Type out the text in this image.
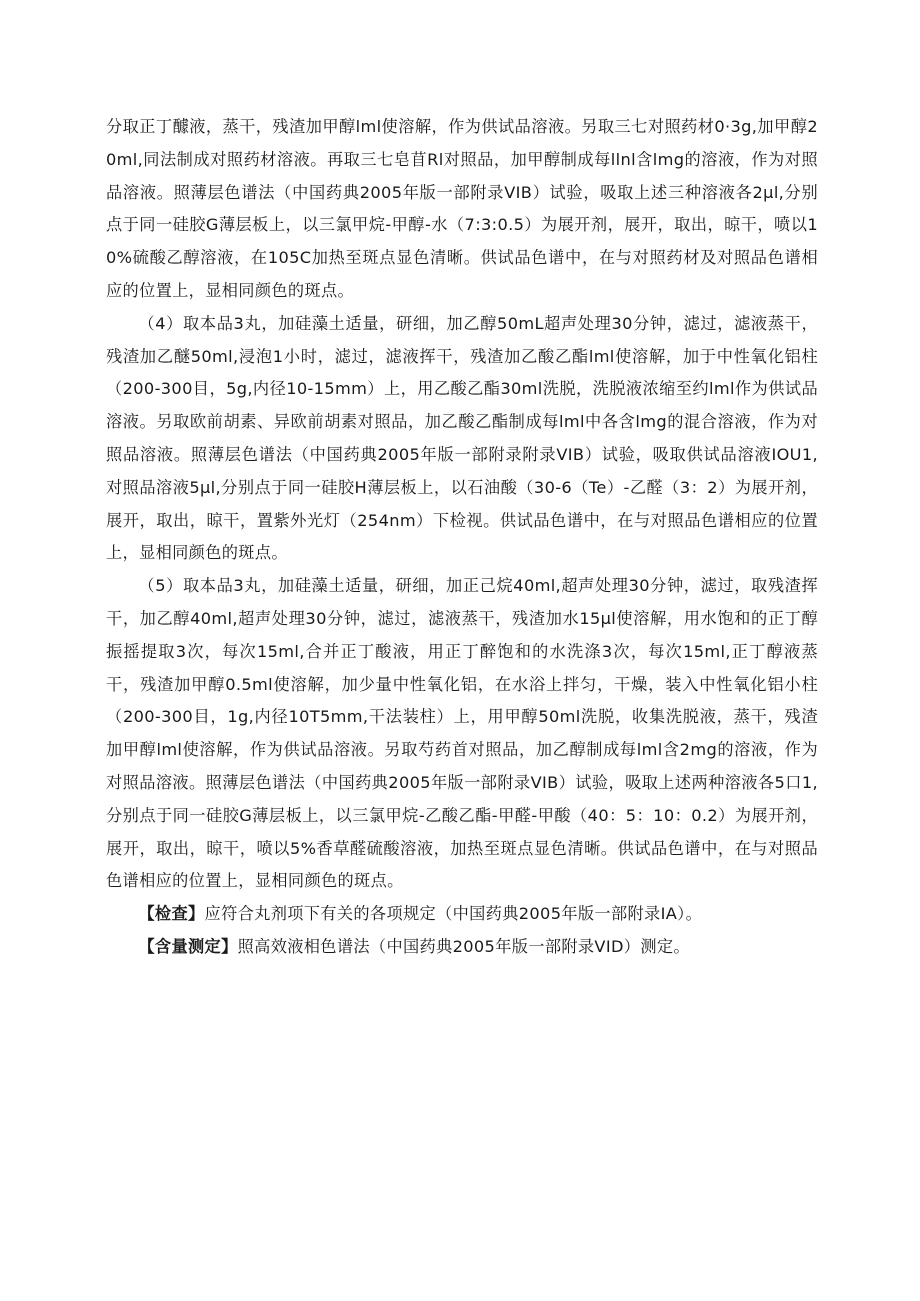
分取正丁醵液，蒸干，残渣加甲醇lml使溶解，作为供试品溶液。另取三七对照药材0·3g,加甲醇20ml,同法制成对照药材溶液。再取三七皂苜Rl对照品，加甲醇制成每llnl含lmg的溶液，作为对照品溶液。照薄层色谱法（中国药典2005年版一部附录VIB）试验，吸取上述三种溶液各2μl,分别点于同一硅胶G薄层板上，以三氯甲烷-甲醇-水（7:3:0.5）为展开剂，展开，取出，晾干，喷以10%硫酸乙醇溶液，在105C加热至斑点显色清晰。供试品色谱中，在与对照药材及对照品色谱相应的位置上，显相同颜色的斑点。

（4）取本品3丸，加硅藻土适量，研细，加乙醇50mL超声处理30分钟，滤过，滤液蒸干，残渣加乙醚50ml,浸泡1小时，滤过，滤液挥干，残渣加乙酸乙酯lml使溶解，加于中性氧化铝柱（200-300目，5g,内径10-15mm）上，用乙酸乙酯30ml洗脱，洗脱液浓缩至约lml作为供试品溶液。另取欧前胡素、异欧前胡素对照品，加乙酸乙酯制成每lml中各含lmg的混合溶液，作为对照品溶液。照薄层色谱法（中国药典2005年版一部附录附录VIB）试验，吸取供试品溶液IOU1,对照品溶液5μl,分别点于同一硅胶H薄层板上，以石油酸（30-6（Te）-乙醛（3：2）为展开剂，展开，取出，晾干，置紫外光灯（254nm）下检视。供试品色谱中，在与对照品色谱相应的位置上，显相同颜色的斑点。

（5）取本品3丸，加硅藻土适量，研细，加正己烷40ml,超声处理30分钟，滤过，取残渣挥干，加乙醇40ml,超声处理30分钟，滤过，滤液蒸干，残渣加水15μl使溶解，用水饱和的正丁醇振摇提取3次，每次15ml,合并正丁酸液，用正丁醉饱和的水洗涤3次，每次15ml,正丁醇液蒸干，残渣加甲醇0.5ml使溶解，加少量中性氧化铝，在水浴上拌匀，干燥，装入中性氧化铝小柱（200-300目，1g,内径10T5mm,干法装柱）上，用甲醇50ml洗脱，收集洗脱液，蒸干，残渣加甲醇lml使溶解，作为供试品溶液。另取芍药首对照品，加乙醇制成每lml含2mg的溶液，作为对照品溶液。照薄层色谱法（中国药典2005年版一部附录VIB）试验，吸取上述两种溶液各5口1,分别点于同一硅胶G薄层板上，以三氯甲烷-乙酸乙酯-甲醛-甲酸（40：5：10：0.2）为展开剂，展开，取出，晾干，喷以5%香草醛硫酸溶液，加热至斑点显色清晰。供试品色谱中，在与对照品色谱相应的位置上，显相同颜色的斑点。

【检查】应符合丸剂项下有关的各项规定（中国药典2005年版一部附录IA）。

【含量测定】照高效液相色谱法（中国药典2005年版一部附录VID）测定。
